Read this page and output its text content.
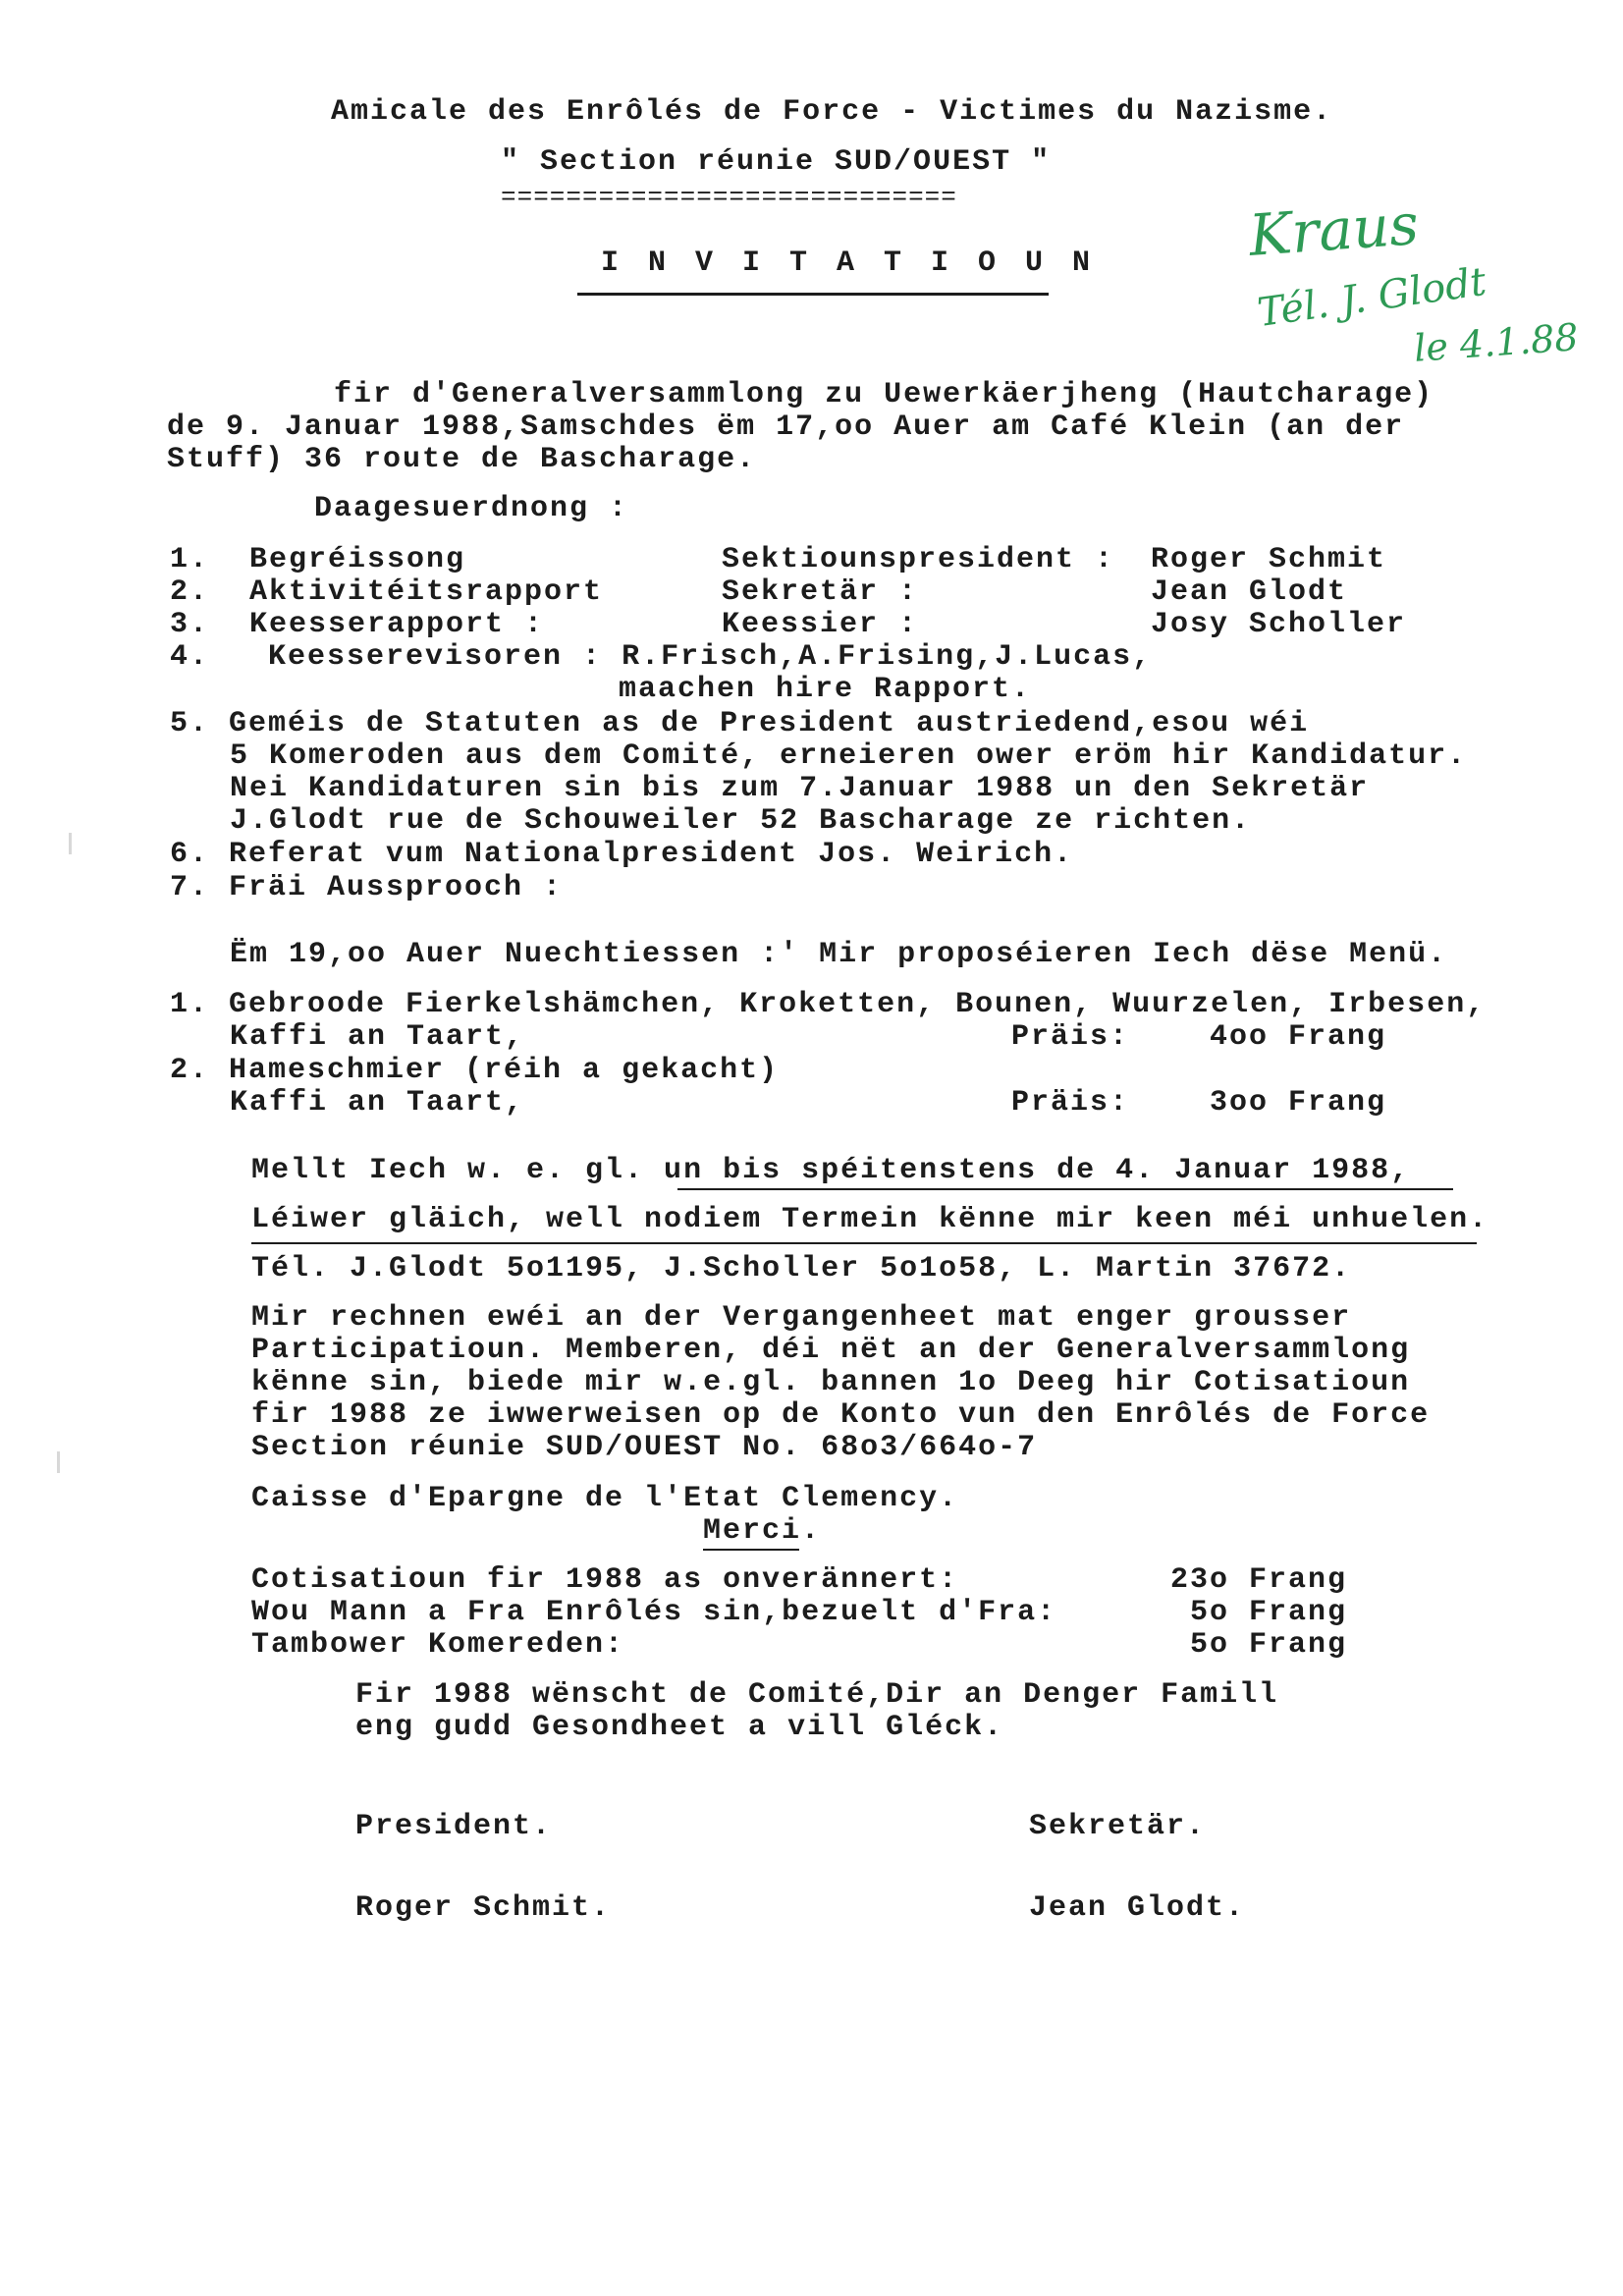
Amicale des Enrôlés de Force - Victimes du Nazisme.
" Section réunie SUD/OUEST "
============================
I N V I T A T I O U N	Kraus
Tél. J. Glodt
le 4.1.88
fir d'Generalversammlong zu Uewerkäerjheng (Hautcharage)
de 9. Januar 1988,Samschdes ëm 17,oo Auer am Café Klein (an der
Stuff) 36 route de Bascharage.
Daagesuerdnong :
1. Begréissong	Sektiounspresident : Roger Schmit
2. Aktivitéitsrapport	Sekretär :	Jean Glodt
3. Keesserapport :	Keessier :	Josy Scholler
4.   Keesserevisoren : R.Frisch,A.Frising,J.Lucas,
maachen hire Rapport.
5. Geméis de Statuten as de President austriedend,esou wéi
5 Komeroden aus dem Comité, erneieren ower eröm hir Kandidatur.
Nei Kandidaturen sin bis zum 7.Januar 1988 un den Sekretär
J.Glodt rue de Schouweiler 52 Bascharage ze richten.
6. Referat vum Nationalpresident Jos. Weirich.
7. Fräi Aussprooch :
Ëm 19,oo Auer Nuechtiessen :' Mir proposéieren Iech dëse Menü.
1. Gebroode Fierkelshämchen, Kroketten, Bounen, Wuurzelen, Irbesen,
Kaffi an Taart,	Präis:	4oo Frang
2. Hameschmier (réih a gekacht)
Kaffi an Taart,	Präis:	3oo Frang
Mellt Iech w. e. gl. un bis spéitenstens de 4. Januar 1988,
Léiwer gläich, well nodiem Termein kënne mir keen méi unhuelen.
Tél. J.Glodt 5o1195, J.Scholler 5o1o58, L. Martin 37672.
Mir rechnen ewéi an der Vergangenheet mat enger grousser
Participatioun. Memberen, déi nët an der Generalversammlong
kënne sin, biede mir w.e.gl. bannen 1o Deeg hir Cotisatioun
fir 1988 ze iwwerweisen op de Konto vun den Enrôlés de Force
Section réunie SUD/OUEST No. 68o3/664o-7
Caisse d'Epargne de l'Etat Clemency.
Merci.
Cotisatioun fir 1988 as onverännert:	23o Frang
Wou Mann a Fra Enrôlés sin,bezuelt d'Fra:	5o Frang
Tambower Komereden:	5o Frang
Fir 1988 wënscht de Comité,Dir an Denger Famill
eng gudd Gesondheet a vill Gléck.
President.	Sekretär.
Roger Schmit.	Jean Glodt.
